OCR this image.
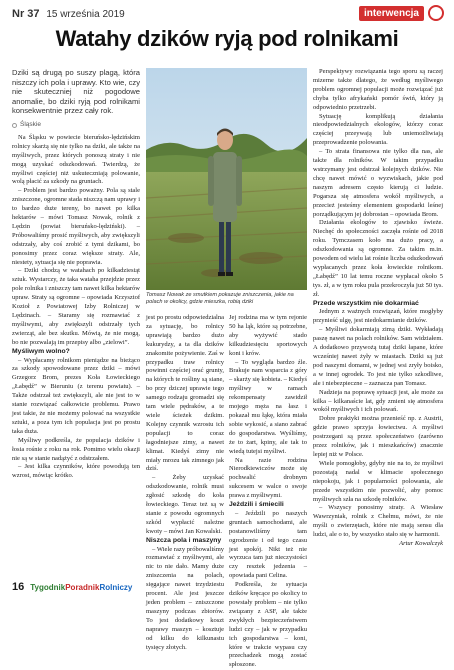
Nr 37 15 września 2019	interwencja
Watahy dzików ryją pod rolnikami

Dziki są drugą po suszy plagą, która niszczy ich pola i uprawy. Kto wie, czy nie skuteczniej niż pogodowe anomalie, bo dziki ryją pod rolnikami konsekwentnie przez cały rok.

Śląskie

Na Śląsku w powiecie bieruńsko-lędzińskim rolnicy skarżą się nie tylko na dziki, ale także na myśliwych, przez których ponoszą straty i nie mogą uzyskać odszkodowań. Twierdzą, że myśliwi częściej niż uskuteczniają polowanie, wolą płacić za szkody na gruntach.

– Problem jest bardzo poważny. Pola są stale zniszczone, ogromne stada niszczą nam uprawy i to bardzo duże tereny, bo nawet po kilka hektarów – mówi Tomasz Nowak, rolnik z Lędzin (powiat bieruńsko-lędziński). – Próbowaliśmy prosić myśliwych, aby zwiększyli odstrzały, aby coś zrobić z tymi dzikami, bo ponosimy przez coraz większe straty. Ale, niestety, sytuacja się nie poprawia.

– Dziki chodzą w watahach po kilkadziesiąt sztuk. Wystarczy, że taka wataha przejdzie przez pole rolnika i zniszczy tam nawet kilka hektarów upraw. Straty są ogromne – opowiada Krzysztof Kozioł z Powiatowej Izby Rolniczej w Lędzinach. – Staramy się rozmawiać z myśliwymi, aby zwiększyli odstrzały tych zwierząt, ale bez skutku. Mówią, że nie mogą, bo nie pozwalają im przepisy albo „zielowi”.

Myśliwym wolno?

– Wypłacamy rolnikom pieniądze na bieżąco za szkody spowodowane przez dziki – mówi Grzegorz Brom, prezes Koła Łowieckiego „Łabędź” w Bieruniu (z terenu powiatu). – Także odstrzał też zwiększyli, ale nie jest to w stanie rozwiązać całkowicie problemu. Prawo jest takie, że nie możemy polować na wszystkie sztuki, a poza tym ich populacja jest po prostu taka duża.

Myśliwy podkreśla, że populacja dzików i łosia rośnie z roku na rok. Pomimo wielu okazji nie są w stanie nadążyć z odstrzałem.

– Jest kilka czynników, które powodują ten wzrost, mówiąc krótko.

Tomasz Nowak ze smutkiem pokazuje zniszczenia, jakie na polach w okolicy, gdzie mieszka, robią dziki

jest po prostu odpowiedzialna za sytuację, bo rolnicy uprawiają bardzo dużo kukurydzy, a ta dla dzików znakomite pożywienie. Zaś w przypadku traw rolnicy powinni częściej orać grunty, na których te rośliny są siane, bo przy dziczej uprawie tego samego rodzaju gromadzi się tam wiele pędraków, a te wiele ścieżek dzikim. Kolejny czynnik wzrostu ich populacji to coraz łagodniejsze zimy, a nawet klimat. Kiedyś zimy nie miały mrozu tak zimnego jak dziś.

– Żeby uzyskać odszkodowanie, rolnik musi zgłosić szkodę do koła łowieckiego. Teraz też są w stanie z powodu ogromnych szkód wypłacić należne kwoty – mówi Jan Kowalski.

Niszcza pola i maszyny

– Wiele razy próbowaliśmy rozmawiać z myśliwymi, ale nic to nie dało. Mamy duże zniszczenia na polach, sięgające nawet trzydziestu procent. Ale jest jeszcze jeden problem – zniszczone maszyny podczas zbiorów. To jest dodatkowy koszt naprawy maszyn – kosztuje od kilku do kilkunastu tysięcy złotych.

Jej rodzina ma w tym rejonie 50 ha ląk, które są potrzebne, aby wyżywić stado kilkudziesięciu sportowych koni i krów.

– To wygląda bardzo źle. Brakuje nam wsparcia z góry – skarży się kobieta. – Kiedyś myśliwy w ramach rekompensaty zawidził mojego męża na łasz i pokazał mu łąkę, która miała sobie wykosić, a siano zabrać do gospodarstwa. Wyśliśmy, że to żart, kpiny, ale tak to wiedą tutejsi myśliwi.

Na razie rodzina Nierodkiewiczów może się pochwalić drobnym sukcesem w walce o swoje prawa z myśliwymi.

Jeżdzili i śmiecili

– Jeździli po naszych gruntach samochodami, ale postanowiliśmy tam ogrodzenie i od tego czasu jest spokój. Nikt też nie wyrzuca tam już nieczystości czy resztek jedzenia – opowiada pani Celina.

Podkreśla, że sytuacja dzików kręcące po okolicy to powstały problem – nie tylko związany z ASF, ale także zwykłych bezpieczeństwem ludzi czy – jak w przypadku ich gospodarstwa – koni, które w trakcie wypasu czy przechadzek mogą zostać spłoszone.

Perspektywy rozwiązania tego sporu są raczej mizerne także dlatego, że według myśliwego problem ogromnej populacji może rozwiązać już chyba tylko afrykański pomór świń, który ją odpowiednio przetrzebi.

Sytuację komplikują działania nieodpowiedzialnych ekologów, którzy coraz częściej przeywają lub uniemożliwiają przeprowadzenie polowania.

– To strata finansowa nie tylko dla nas, ale także dla rolników. W takim przypadku wstrzymany jest odstrzał kolejnych dzików. Nie chcę nawet mówić o wyzwiskach, jakie pod naszym adresem często kierują ci ludzie. Pogarsza się atmosfera wokół myśliwych, a przecież jesteśmy elementem gospodarki leśnej porządkującym jej dobrostan – opowiada Brom.

Działania ekologów to zjawisko świeże. Niechęć do społeczności zaczęła rośnie od 2018 roku. Tymczasem koło ma dużo pracy, a odszkodowania są ogromne. Za takim m.in. powodem od wielu lat rośnie liczba odszkodowań wypłacanych przez koła łowieckie rolnikom. „Łabędź” 10 lat temu roczne wypłacał około 5 tys. zł, a w tym roku pula przekroczyła już 50 tys. zł.

Przede wszystkim nie dokarmiać

Jednym z ważnych rozwiązań, które mogłyby przynieść ulgę, jest niedokarmianie dzików.

– Myśliwi dokarmiają zimą dziki. Wykładają paszę nawet na polach rolników. Sam widziałem. A dodatkowo przywożą tutaj dziki łapane, które wcześniej nawet żyły w miastach. Dziki są już pod naszymi domami, w jednej wsi zryły boisko, a w innej ogrodek. To jest nie tylko szkodliwe, ale i niebezpieczne – zaznacza pan Tomasz.

Nadzieja na poprawę sytuacji jest, ale może za kilka – kilkanaście lat, gdy zmieni się atmosfera wokół myśliwych i ich polowań.

Dobre praktyki można przenieść np. z Austrii, gdzie prawo sprzyja łowiectwu. A myśliwi postrzegani są przez społeczeństwo (zarówno przez rolników, jak i mieszkańców) znacznie lepiej niż w Polsce.

Wiele pomogłoby, gdyby nie na to, że myśliwi pozostają nadal w klimacie społecznego niepokoju, jak i popularności polowania, ale przede wszystkim nie pozwolić, aby pomoc myśliwych szła na szkodę rolników.

– Wszyscy ponosimy straty. A Wiesław Wawrzyniak, rolnik z Chełmu, mówi, że nie myśli o zwierzętach, które nie mają sensu dla ludzi, ale o to, by wszystko stało się w harmonii.

Artur Kowalczyk

16 TygodnikPoradnikRolniczy
